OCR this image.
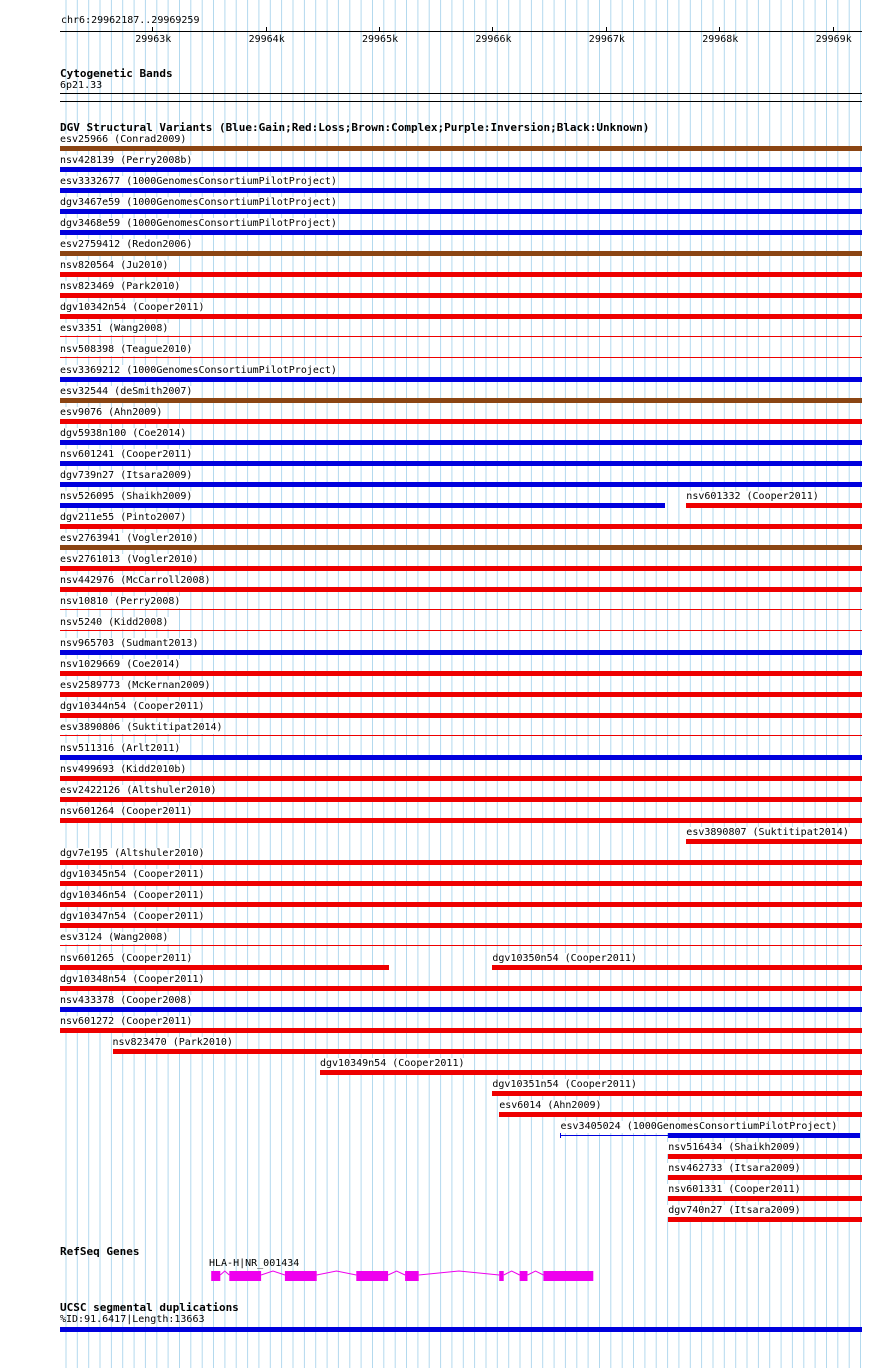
chr6:29962187..29969259
29963k	29964k	29965k	29966k	29967k	29968k	29969k
Cytogenetic Bands
6p21.33
DGV Structural Variants (Blue:Gain;Red:Loss;Brown:Complex;Purple:Inversion;Black:Unknown)
esv25966 (Conrad2009)
nsv428139 (Perry2008b)
esv3332677 (1000GenomesConsortiumPilotProject)
dgv3467e59 (1000GenomesConsortiumPilotProject)
dgv3468e59 (1000GenomesConsortiumPilotProject)
esv2759412 (Redon2006)
nsv820564 (Ju2010)
nsv823469 (Park2010)
dgv10342n54 (Cooper2011)
esv3351 (Wang2008)
nsv508398 (Teague2010)
esv3369212 (1000GenomesConsortiumPilotProject)
esv32544 (deSmith2007)
esv9076 (Ahn2009)
dgv5938n100 (Coe2014)
nsv601241 (Cooper2011)
dgv739n27 (Itsara2009)
nsv526095 (Shaikh2009)	nsv601332 (Cooper2011)
dgv211e55 (Pinto2007)
esv2763941 (Vogler2010)
esv2761013 (Vogler2010)
nsv442976 (McCarroll2008)
nsv10810 (Perry2008)
nsv5240 (Kidd2008)
nsv965703 (Sudmant2013)
nsv1029669 (Coe2014)
esv2589773 (McKernan2009)
dgv10344n54 (Cooper2011)
esv3890806 (Suktitipat2014)
nsv511316 (Arlt2011)
nsv499693 (Kidd2010b)
esv2422126 (Altshuler2010)
nsv601264 (Cooper2011)
esv3890807 (Suktitipat2014)
dgv7e195 (Altshuler2010)
dgv10345n54 (Cooper2011)
dgv10346n54 (Cooper2011)
dgv10347n54 (Cooper2011)
esv3124 (Wang2008)
nsv601265 (Cooper2011)	dgv10350n54 (Cooper2011)
dgv10348n54 (Cooper2011)
nsv433378 (Cooper2008)
nsv601272 (Cooper2011)
nsv823470 (Park2010)
dgv10349n54 (Cooper2011)
dgv10351n54 (Cooper2011)
esv6014 (Ahn2009)
esv3405024 (1000GenomesConsortiumPilotProject)
nsv516434 (Shaikh2009)
nsv462733 (Itsara2009)
nsv601331 (Cooper2011)
dgv740n27 (Itsara2009)
RefSeq Genes
HLA-H|NR_001434
UCSC segmental duplications
%ID:91.6417|Length:13663
